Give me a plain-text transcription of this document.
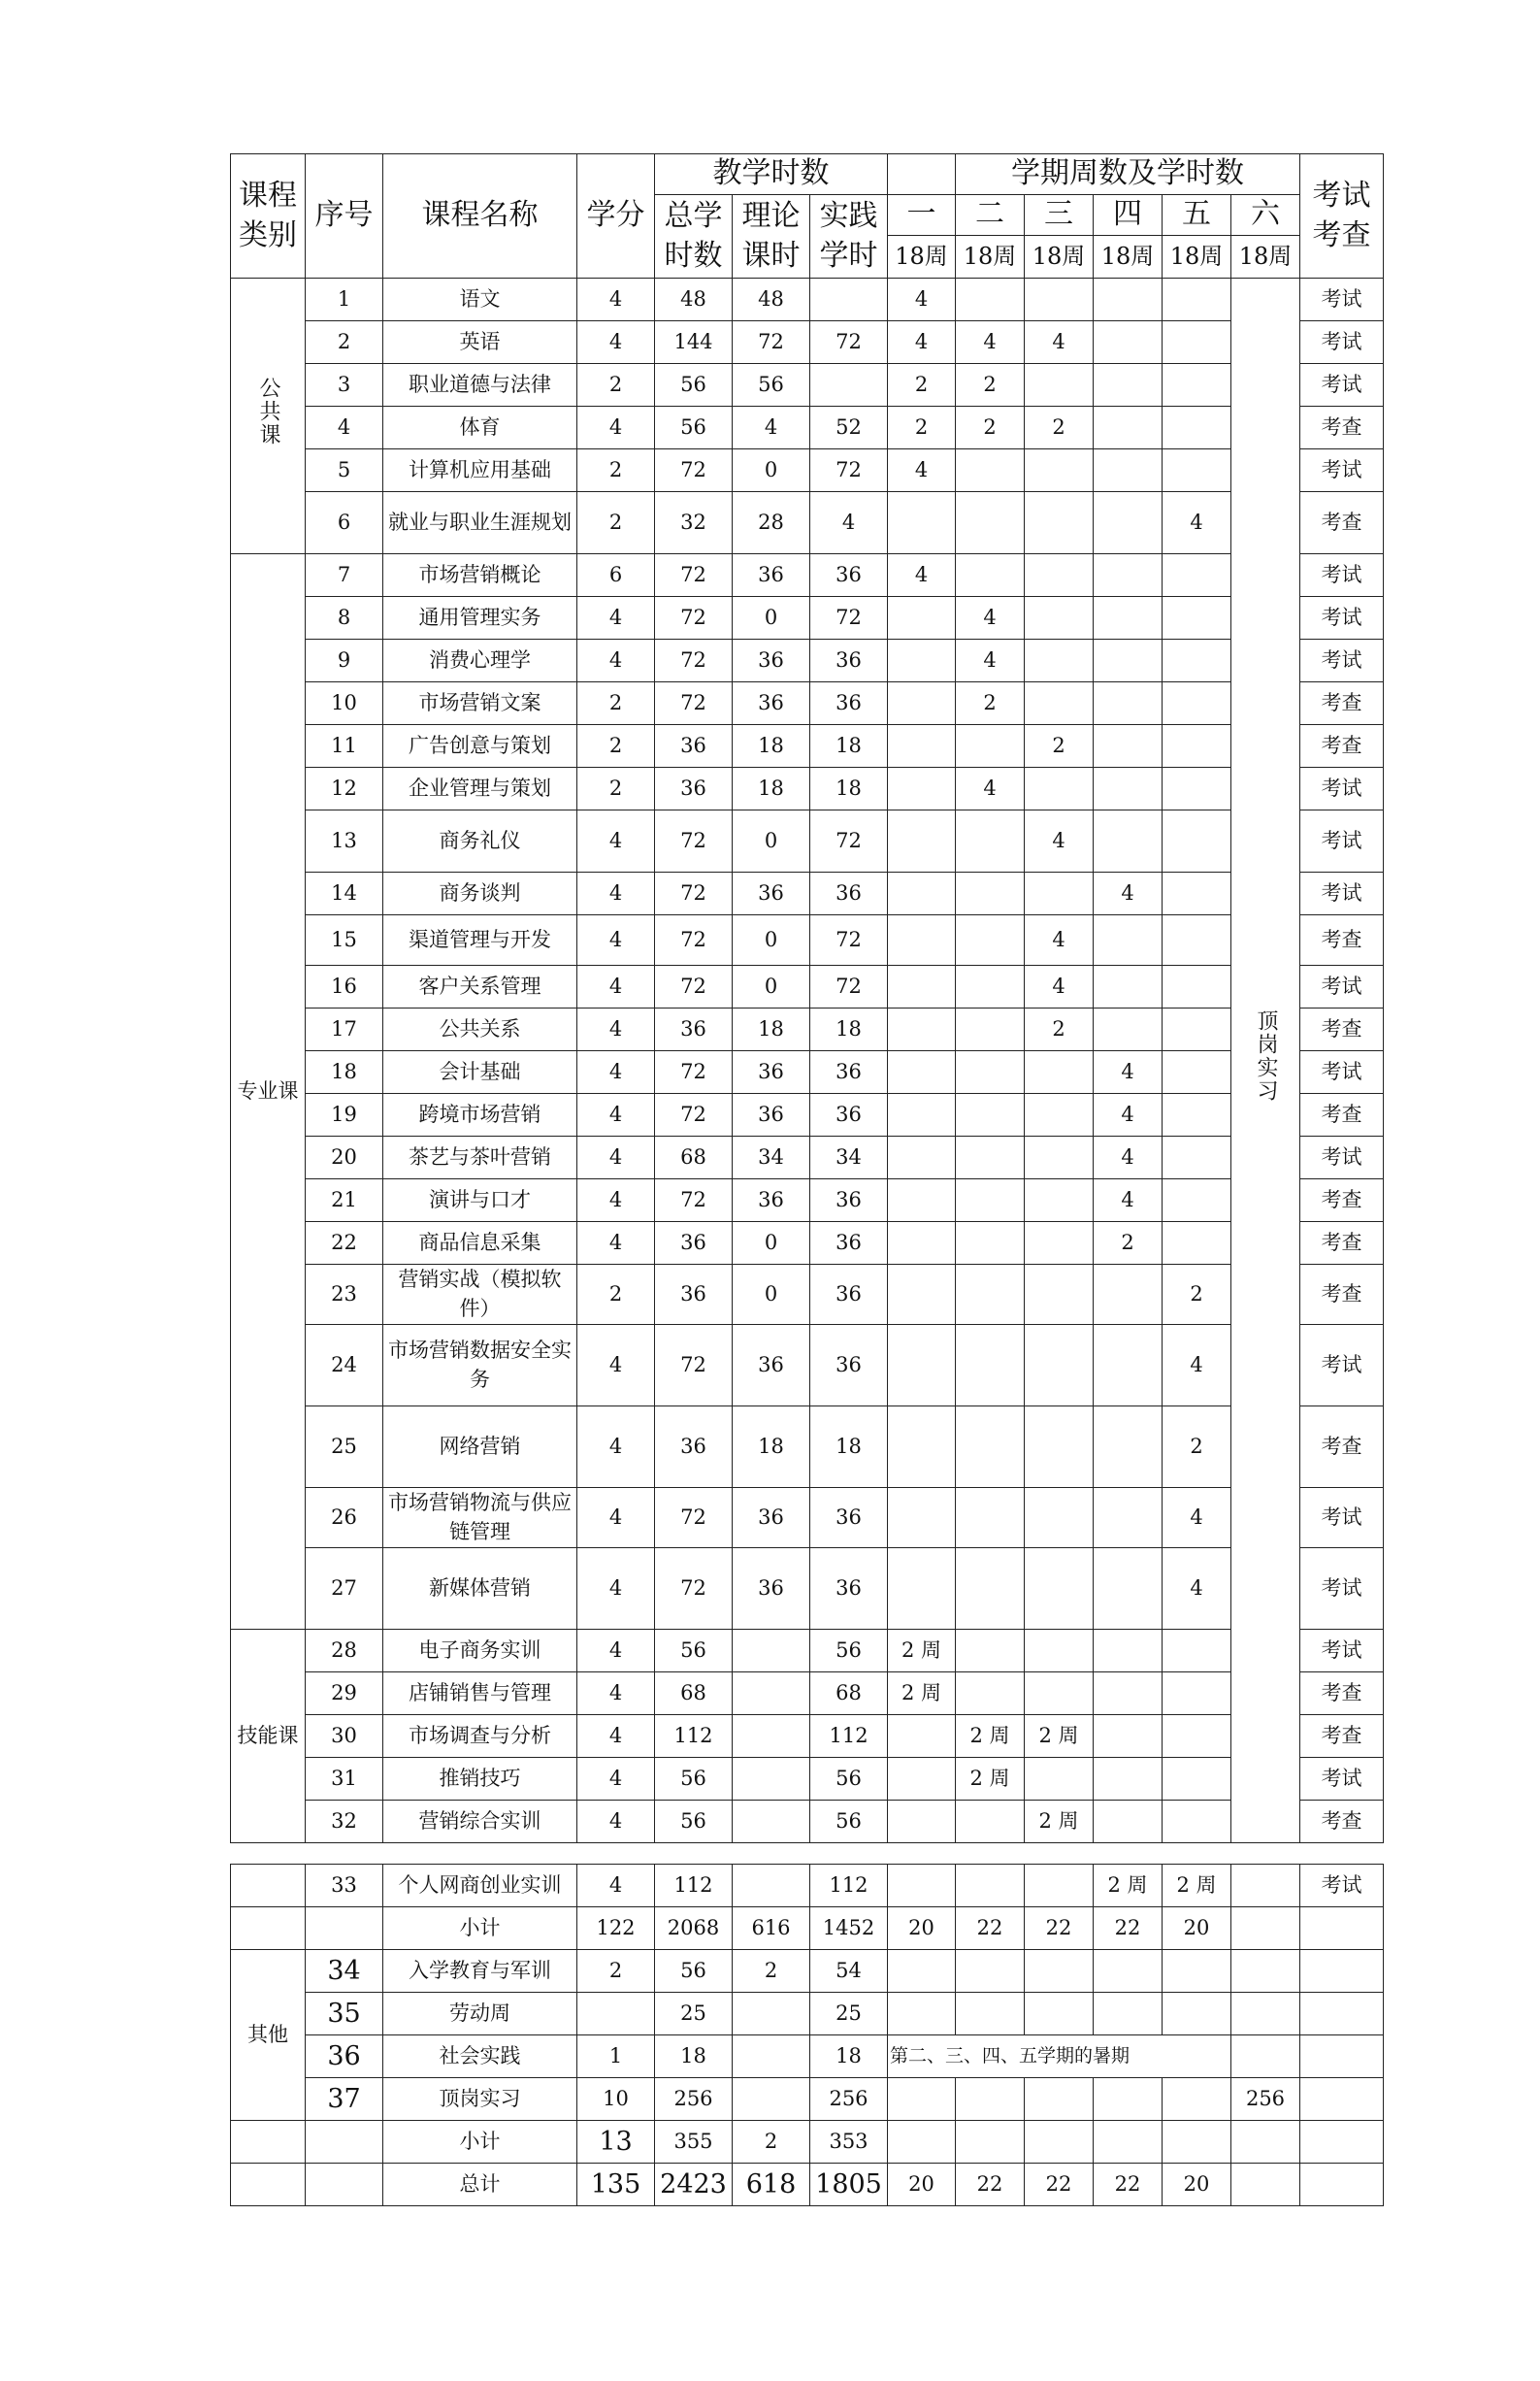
课程类别	序号	课程名称	学分	教学时数				学期周数及学时数					考试考查
				总学时数	理论课时	实践学时	一	二	三	四	五	六	
							18周	18周	18周	18周	18周	18周	
公共课	1	语文	4	48	48		4					顶岗实习	考试
	2	英语	4	144	72	72	4	4	4				考试
	3	职业道德与法律	2	56	56		2	2					考试
	4	体育	4	56	4	52	2	2	2				考查
	5	计算机应用基础	2	72	0	72	4						考试
	6	就业与职业生涯规划	2	32	28	4					4		考查
专业课	7	市场营销概论	6	72	36	36	4						考试
	8	通用管理实务	4	72	0	72		4					考试
	9	消费心理学	4	72	36	36		4					考试
	10	市场营销文案	2	72	36	36		2					考查
	11	广告创意与策划	2	36	18	18			2				考查
	12	企业管理与策划	2	36	18	18		4					考试
	13	商务礼仪	4	72	0	72			4				考试
	14	商务谈判	4	72	36	36				4			考试
	15	渠道管理与开发	4	72	0	72			4				考查
	16	客户关系管理	4	72	0	72			4				考试
	17	公共关系	4	36	18	18			2				考查
	18	会计基础	4	72	36	36				4			考试
	19	跨境市场营销	4	72	36	36				4			考查
	20	茶艺与茶叶营销	4	68	34	34				4			考试
	21	演讲与口才	4	72	36	36				4			考查
	22	商品信息采集	4	36	0	36				2			考查
	23	营销实战（模拟软件）	2	36	0	36					2		考查
	24	市场营销数据安全实务	4	72	36	36					4		考试
	25	网络营销	4	36	18	18					2		考查
	26	市场营销物流与供应链管理	4	72	36	36					4		考试
	27	新媒体营销	4	72	36	36					4		考试
技能课	28	电子商务实训	4	56		56	2 周						考试
	29	店铺销售与管理	4	68		68	2 周						考查
	30	市场调查与分析	4	112		112		2 周	2 周				考查
	31	推销技巧	4	56		56		2 周					考试
	32	营销综合实训	4	56		56			2 周				考查
	33	个人网商创业实训	4	112		112				2 周	2 周		考试
		小计	122	2068	616	1452	20	22	22	22	20		
其他	34	入学教育与军训	2	56	2	54							
	35	劳动周		25		25							
	36	社会实践	1	18		18	第二、三、四、五学期的暑期						
	37	顶岗实习	10	256		256						256	
		小计	13	355	2	353							
		总计	135	2423	618	1805	20	22	22	22	20		
